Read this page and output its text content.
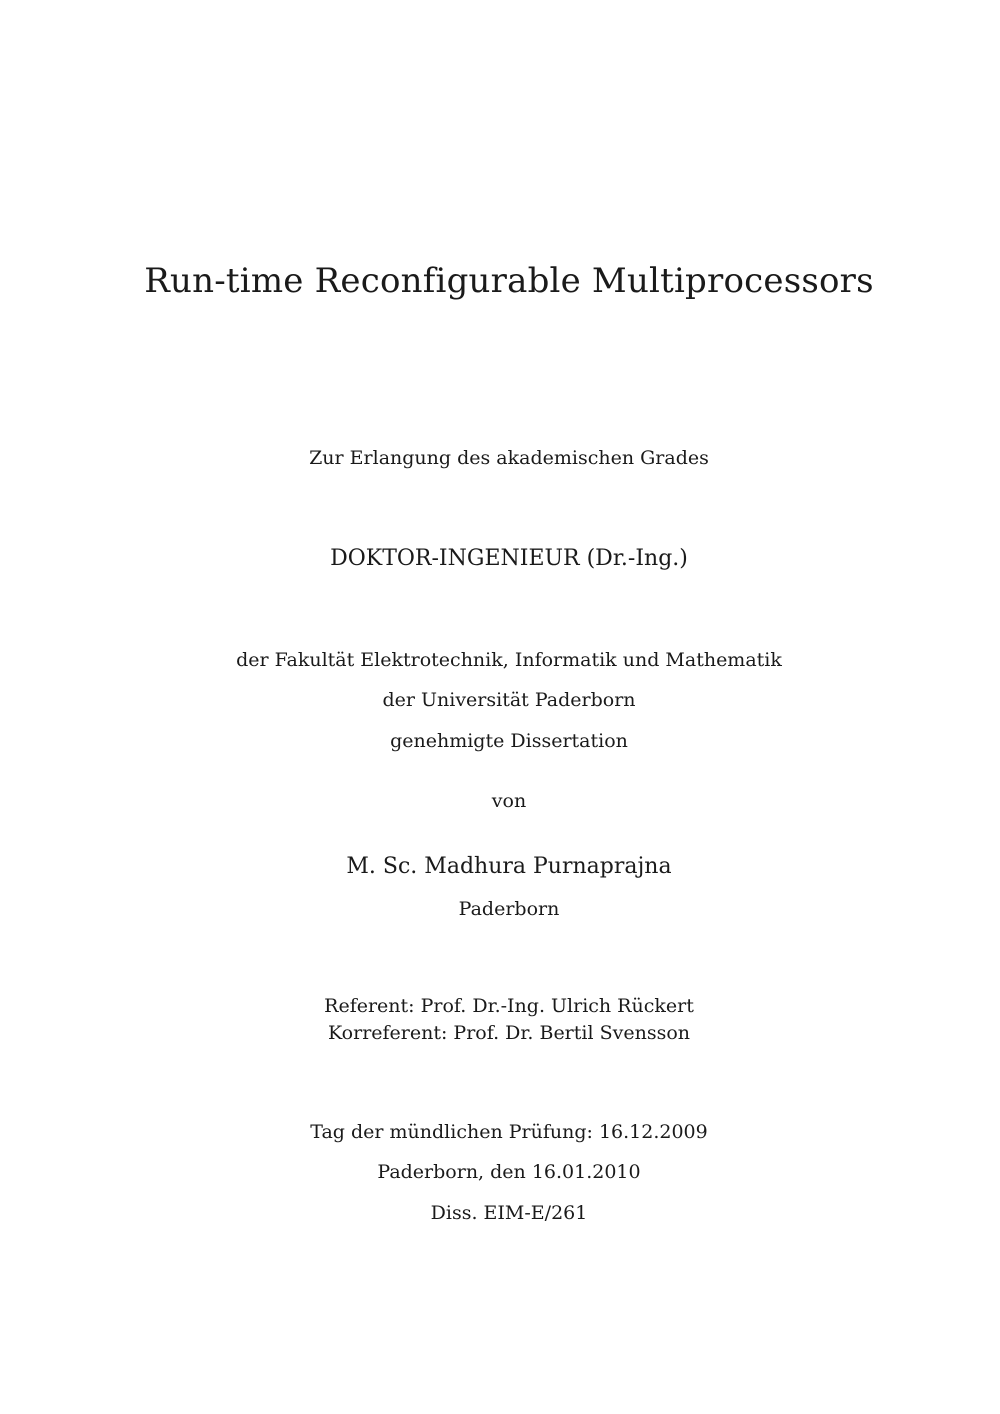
Run-time Reconfigurable Multiprocessors
Zur Erlangung des akademischen Grades
DOKTOR-INGENIEUR (Dr.-Ing.)
der Fakultät Elektrotechnik, Informatik und Mathematik
der Universität Paderborn
genehmigte Dissertation
von
M. Sc. Madhura Purnaprajna
Paderborn
Referent: Prof. Dr.-Ing. Ulrich Rückert
Korreferent: Prof. Dr. Bertil Svensson
Tag der mündlichen Prüfung: 16.12.2009
Paderborn, den 16.01.2010
Diss. EIM-E/261
